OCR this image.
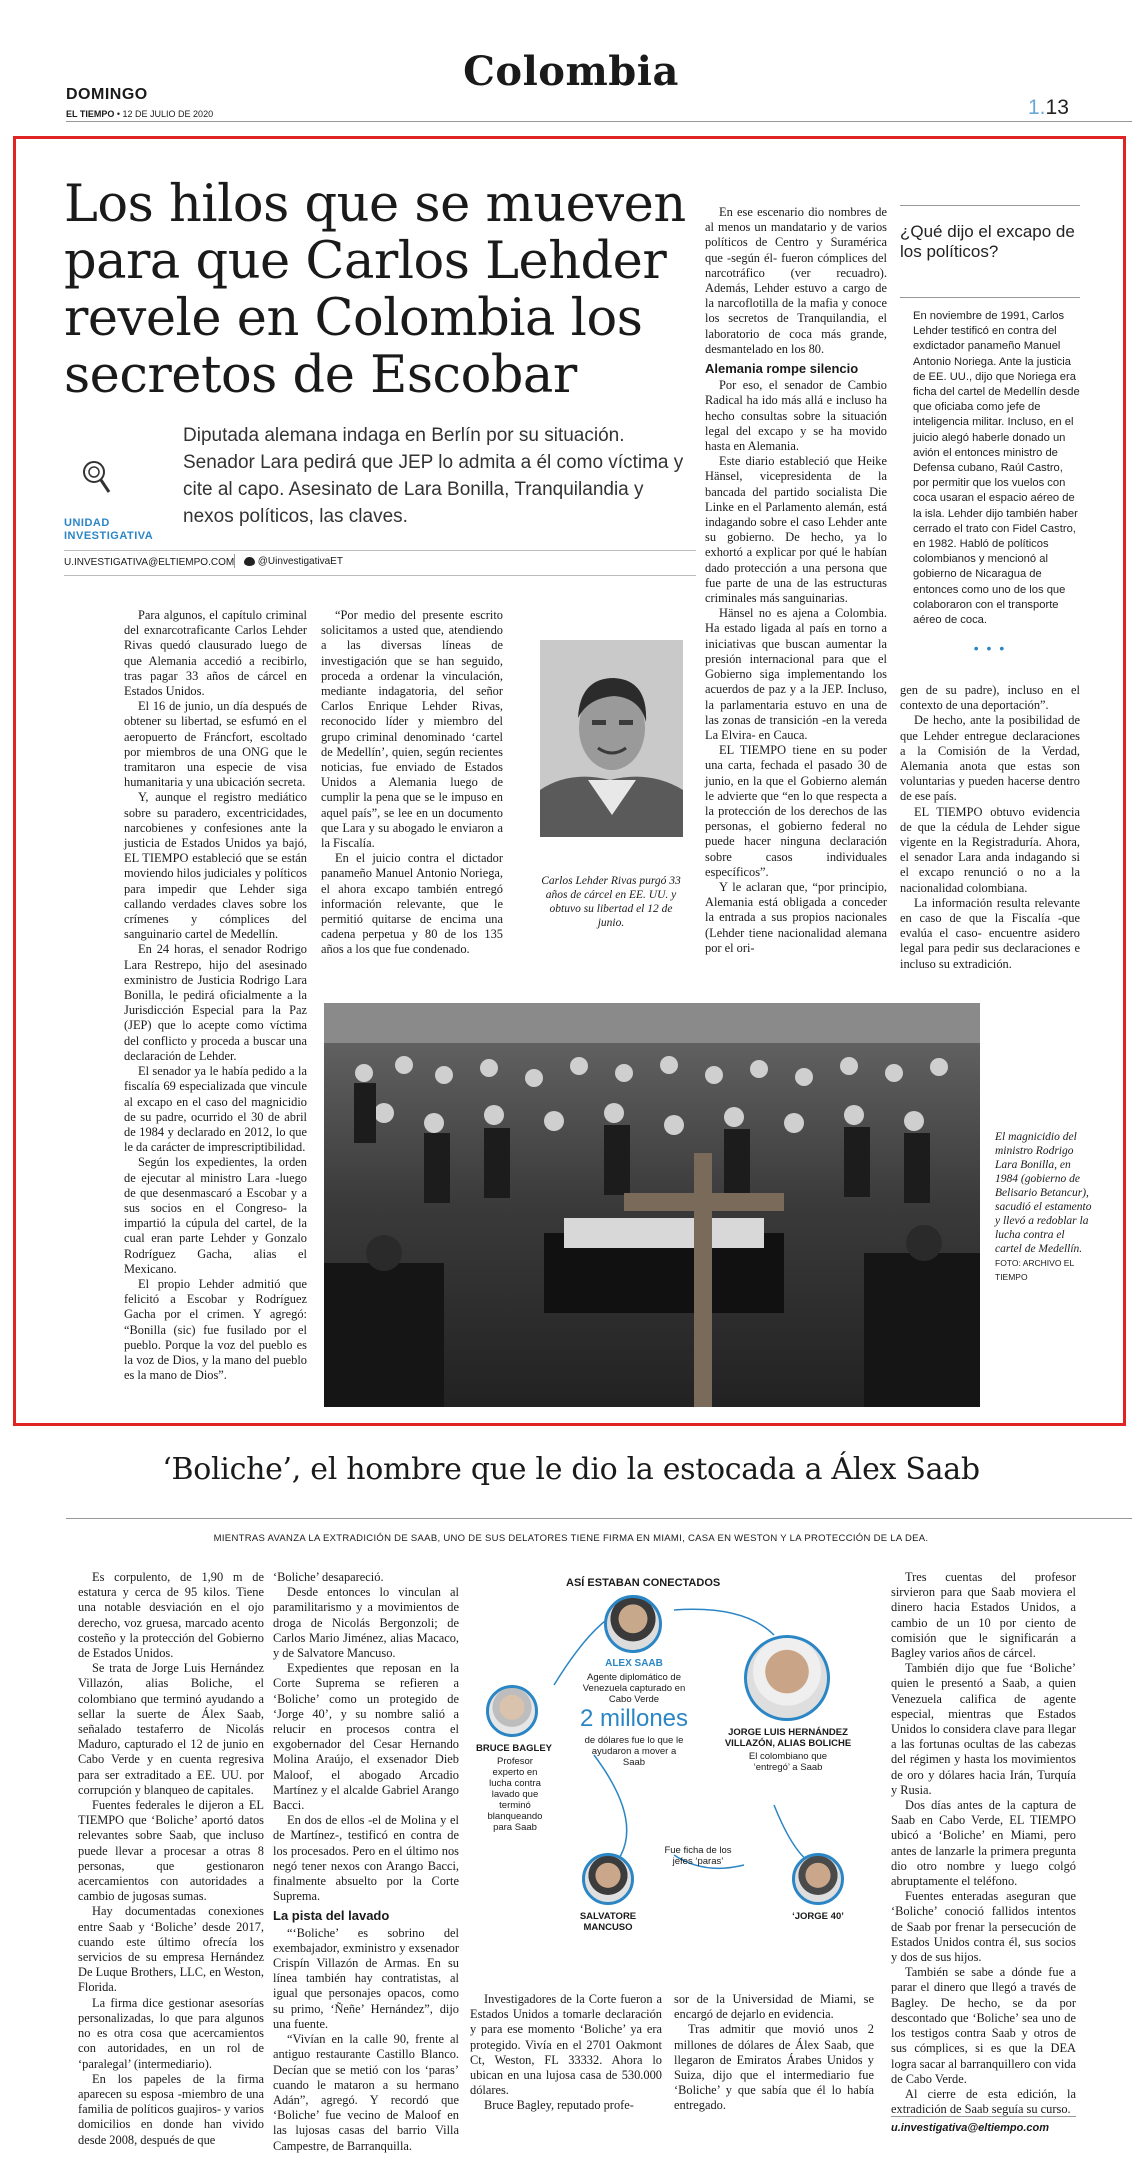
Colombia
DOMINGO
EL TIEMPO • 12 DE JULIO DE 2020	1.13
Los hilos que se mueven para que Carlos Lehder revele en Colombia los secretos de Escobar
Diputada alemana indaga en Berlín por su situación. Senador Lara pedirá que JEP lo admita a él como víctima y cite al capo. Asesinato de Lara Bonilla, Tranquilandia y nexos políticos, las claves.
UNIDAD
INVESTIGATIVA
U.INVESTIGATIVA@ELTIEMPO.COM	@UinvestigativaET

Para algunos, el capítulo criminal del exnarcotraficante Carlos Lehder Rivas quedó clausurado luego de que Alemania accedió a recibirlo, tras pagar 33 años de cárcel en Estados Unidos.

El 16 de junio, un día después de obtener su libertad, se esfumó en el aeropuerto de Fráncfort, escoltado por miembros de una ONG que le tramitaron una especie de visa humanitaria y una ubicación secreta.

Y, aunque el registro mediático sobre su paradero, excentricidades, narcobienes y confesiones ante la justicia de Estados Unidos ya bajó, EL TIEMPO estableció que se están moviendo hilos judiciales y políticos para impedir que Lehder siga callando verdades claves sobre los crímenes y cómplices del sanguinario cartel de Medellín.

En 24 horas, el senador Rodrigo Lara Restrepo, hijo del asesinado exministro de Justicia Rodrigo Lara Bonilla, le pedirá oficialmente a la Jurisdicción Especial para la Paz (JEP) que lo acepte como víctima del conflicto y proceda a buscar una declaración de Lehder.

El senador ya le había pedido a la fiscalía 69 especializada que vincule al excapo en el caso del magnicidio de su padre, ocurrido el 30 de abril de 1984 y declarado en 2012, lo que le da carácter de imprescriptibilidad.

Según los expedientes, la orden de ejecutar al ministro Lara -luego de que desenmascaró a Escobar y a sus socios en el Congreso- la impartió la cúpula del cartel, de la cual eran parte Lehder y Gonzalo Rodríguez Gacha, alias el Mexicano.

El propio Lehder admitió que felicitó a Escobar y Rodríguez Gacha por el crimen. Y agregó: “Bonilla (sic) fue fusilado por el pueblo. Porque la voz del pueblo es la voz de Dios, y la mano del pueblo es la mano de Dios”.

“Por medio del presente escrito solicitamos a usted que, atendiendo a las diversas líneas de investigación que se han seguido, proceda a ordenar la vinculación, mediante indagatoria, del señor Carlos Enrique Lehder Rivas, reconocido líder y miembro del grupo criminal denominado ‘cartel de Medellín’, quien, según recientes noticias, fue enviado de Estados Unidos a Alemania luego de cumplir la pena que se le impuso en aquel país”, se lee en un documento que Lara y su abogado le enviaron a la Fiscalía.

En el juicio contra el dictador panameño Manuel Antonio Noriega, el ahora excapo también entregó información relevante, que le permitió quitarse de encima una cadena perpetua y 80 de los 135 años a los que fue condenado.

Carlos Lehder Rivas purgó 33 años de cárcel en EE. UU. y obtuvo su libertad el 12 de junio.

En ese escenario dio nombres de al menos un mandatario y de varios políticos de Centro y Suramérica que -según él- fueron cómplices del narcotráfico (ver recuadro). Además, Lehder estuvo a cargo de la narcoflotilla de la mafia y conoce los secretos de Tranquilandia, el laboratorio de coca más grande, desmantelado en los 80.

Alemania rompe silencio

Por eso, el senador de Cambio Radical ha ido más allá e incluso ha hecho consultas sobre la situación legal del excapo y se ha movido hasta en Alemania.

Este diario estableció que Heike Hänsel, vicepresidenta de la bancada del partido socialista Die Linke en el Parlamento alemán, está indagando sobre el caso Lehder ante su gobierno. De hecho, ya lo exhortó a explicar por qué le habían dado protección a una persona que fue parte de una de las estructuras criminales más sanguinarias.

Hänsel no es ajena a Colombia. Ha estado ligada al país en torno a iniciativas que buscan aumentar la presión internacional para que el Gobierno siga implementando los acuerdos de paz y a la JEP. Incluso, la parlamentaria estuvo en una de las zonas de transición -en la vereda La Elvira- en Cauca.

EL TIEMPO tiene en su poder una carta, fechada el pasado 30 de junio, en la que el Gobierno alemán le advierte que “en lo que respecta a la protección de los derechos de las personas, el gobierno federal no puede hacer ninguna declaración sobre casos individuales específicos”.

Y le aclaran que, “por principio, Alemania está obligada a conceder la entrada a sus propios nacionales (Lehder tiene nacionalidad alemana por el ori-

¿Qué dijo el excapo de los políticos?
En noviembre de 1991, Carlos Lehder testificó en contra del exdictador panameño Manuel Antonio Noriega. Ante la justicia de EE. UU., dijo que Noriega era ficha del cartel de Medellín desde que oficiaba como jefe de inteligencia militar. Incluso, en el juicio alegó haberle donado un avión el entonces ministro de Defensa cubano, Raúl Castro, por permitir que los vuelos con coca usaran el espacio aéreo de la isla. Lehder dijo también haber cerrado el trato con Fidel Castro, en 1982. Habló de políticos colombianos y mencionó al gobierno de Nicaragua de entonces como uno de los que colaboraron con el transporte aéreo de coca.
• • •

gen de su padre), incluso en el contexto de una deportación”.

De hecho, ante la posibilidad de que Lehder entregue declaraciones a la Comisión de la Verdad, Alemania anota que estas son voluntarias y pueden hacerse dentro de ese país.

EL TIEMPO obtuvo evidencia de que la cédula de Lehder sigue vigente en la Registraduría. Ahora, el senador Lara anda indagando si el excapo renunció o no a la nacionalidad colombiana.

La información resulta relevante en caso de que la Fiscalía -que evalúa el caso- encuentre asidero legal para pedir sus declaraciones e incluso su extradición.

El magnicidio del ministro Rodrigo Lara Bonilla, en 1984 (gobierno de Belisario Betancur), sacudió el estamento y llevó a redoblar la lucha contra el cartel de Medellín. FOTO: ARCHIVO EL TIEMPO
‘Boliche’, el hombre que le dio la estocada a Álex Saab
MIENTRAS AVANZA LA EXTRADICIÓN DE SAAB, UNO DE SUS DELATORES TIENE FIRMA EN MIAMI, CASA EN WESTON Y LA PROTECCIÓN DE LA DEA.

Es corpulento, de 1,90 m de estatura y cerca de 95 kilos. Tiene una notable desviación en el ojo derecho, voz gruesa, marcado acento costeño y la protección del Gobierno de Estados Unidos.

Se trata de Jorge Luis Hernández Villazón, alias Boliche, el colombiano que terminó ayudando a sellar la suerte de Álex Saab, señalado testaferro de Nicolás Maduro, capturado el 12 de junio en Cabo Verde y en cuenta regresiva para ser extraditado a EE. UU. por corrupción y blanqueo de capitales.

Fuentes federales le dijeron a EL TIEMPO que ‘Boliche’ aportó datos relevantes sobre Saab, que incluso puede llevar a procesar a otras 8 personas, que gestionaron acercamientos con autoridades a cambio de jugosas sumas.

Hay documentadas conexiones entre Saab y ‘Boliche’ desde 2017, cuando este último ofrecía los servicios de su empresa Hernández De Luque Brothers, LLC, en Weston, Florida.

La firma dice gestionar asesorías personalizadas, lo que para algunos no es otra cosa que acercamientos con autoridades, en un rol de ‘paralegal’ (intermediario).

En los papeles de la firma aparecen su esposa -miembro de una familia de políticos guajiros- y varios domicilios en donde han vivido desde 2008, después de que

‘Boliche’ desapareció.

Desde entonces lo vinculan al paramilitarismo y a movimientos de droga de Nicolás Bergonzoli; de Carlos Mario Jiménez, alias Macaco, y de Salvatore Mancuso.

Expedientes que reposan en la Corte Suprema se refieren a ‘Boliche’ como un protegido de ‘Jorge 40’, y su nombre salió a relucir en procesos contra el exgobernador del Cesar Hernando Molina Araújo, el exsenador Dieb Maloof, el abogado Arcadio Martínez y el alcalde Gabriel Arango Bacci.

En dos de ellos -el de Molina y el de Martínez-, testificó en contra de los procesados. Pero en el último nos negó tener nexos con Arango Bacci, finalmente absuelto por la Corte Suprema.

La pista del lavado

“‘Boliche’ es sobrino del exembajador, exministro y exsenador Crispín Villazón de Armas. En su línea también hay contratistas, al igual que personajes opacos, como su primo, ‘Ñeñe’ Hernández”, dijo una fuente.

“Vivían en la calle 90, frente al antiguo restaurante Castillo Blanco. Decían que se metió con los ‘paras’ cuando le mataron a su hermano Adán”, agregó. Y recordó que ‘Boliche’ fue vecino de Maloof en las lujosas casas del barrio Villa Campestre, de Barranquilla.

ASÍ ESTABAN CONECTADOS
ALEX SAAB
Agente diplomático de Venezuela capturado en Cabo Verde
2 millones
de dólares fue lo que le ayudaron a mover a Saab
BRUCE BAGLEY
Profesor experto en lucha contra lavado que terminó blanqueando para Saab
JORGE LUIS HERNÁNDEZ VILLAZÓN, ALIAS BOLICHE
El colombiano que ‘entregó’ a Saab
Fue ficha de los jefes ‘paras’
SALVATORE MANCUSO
‘JORGE 40’

Investigadores de la Corte fueron a Estados Unidos a tomarle declaración y para ese momento ‘Boliche’ ya era protegido. Vivía en el 2701 Oakmont Ct, Weston, FL 33332. Ahora lo ubican en una lujosa casa de 530.000 dólares.

Bruce Bagley, reputado profe-

sor de la Universidad de Miami, se encargó de dejarlo en evidencia.

Tras admitir que movió unos 2 millones de dólares de Álex Saab, que llegaron de Emiratos Árabes Unidos y Suiza, dijo que el intermediario fue ‘Boliche’ y que sabía que él lo había entregado.

Tres cuentas del profesor sirvieron para que Saab moviera el dinero hacia Estados Unidos, a cambio de un 10 por ciento de comisión que le significarán a Bagley varios años de cárcel.

También dijo que fue ‘Boliche’ quien le presentó a Saab, a quien Venezuela califica de agente especial, mientras que Estados Unidos lo considera clave para llegar a las fortunas ocultas de las cabezas del régimen y hasta los movimientos de oro y dólares hacia Irán, Turquía y Rusia.

Dos días antes de la captura de Saab en Cabo Verde, EL TIEMPO ubicó a ‘Boliche’ en Miami, pero antes de lanzarle la primera pregunta dio otro nombre y luego colgó abruptamente el teléfono.

Fuentes enteradas aseguran que ‘Boliche’ conoció fallidos intentos de Saab por frenar la persecución de Estados Unidos contra él, sus socios y dos de sus hijos.

También se sabe a dónde fue a parar el dinero que llegó a través de Bagley. De hecho, se da por descontado que ‘Boliche’ sea uno de los testigos contra Saab y otros de sus cómplices, si es que la DEA logra sacar al barranquillero con vida de Cabo Verde.

Al cierre de esta edición, la extradición de Saab seguía su curso.

u.investigativa@eltiempo.com
